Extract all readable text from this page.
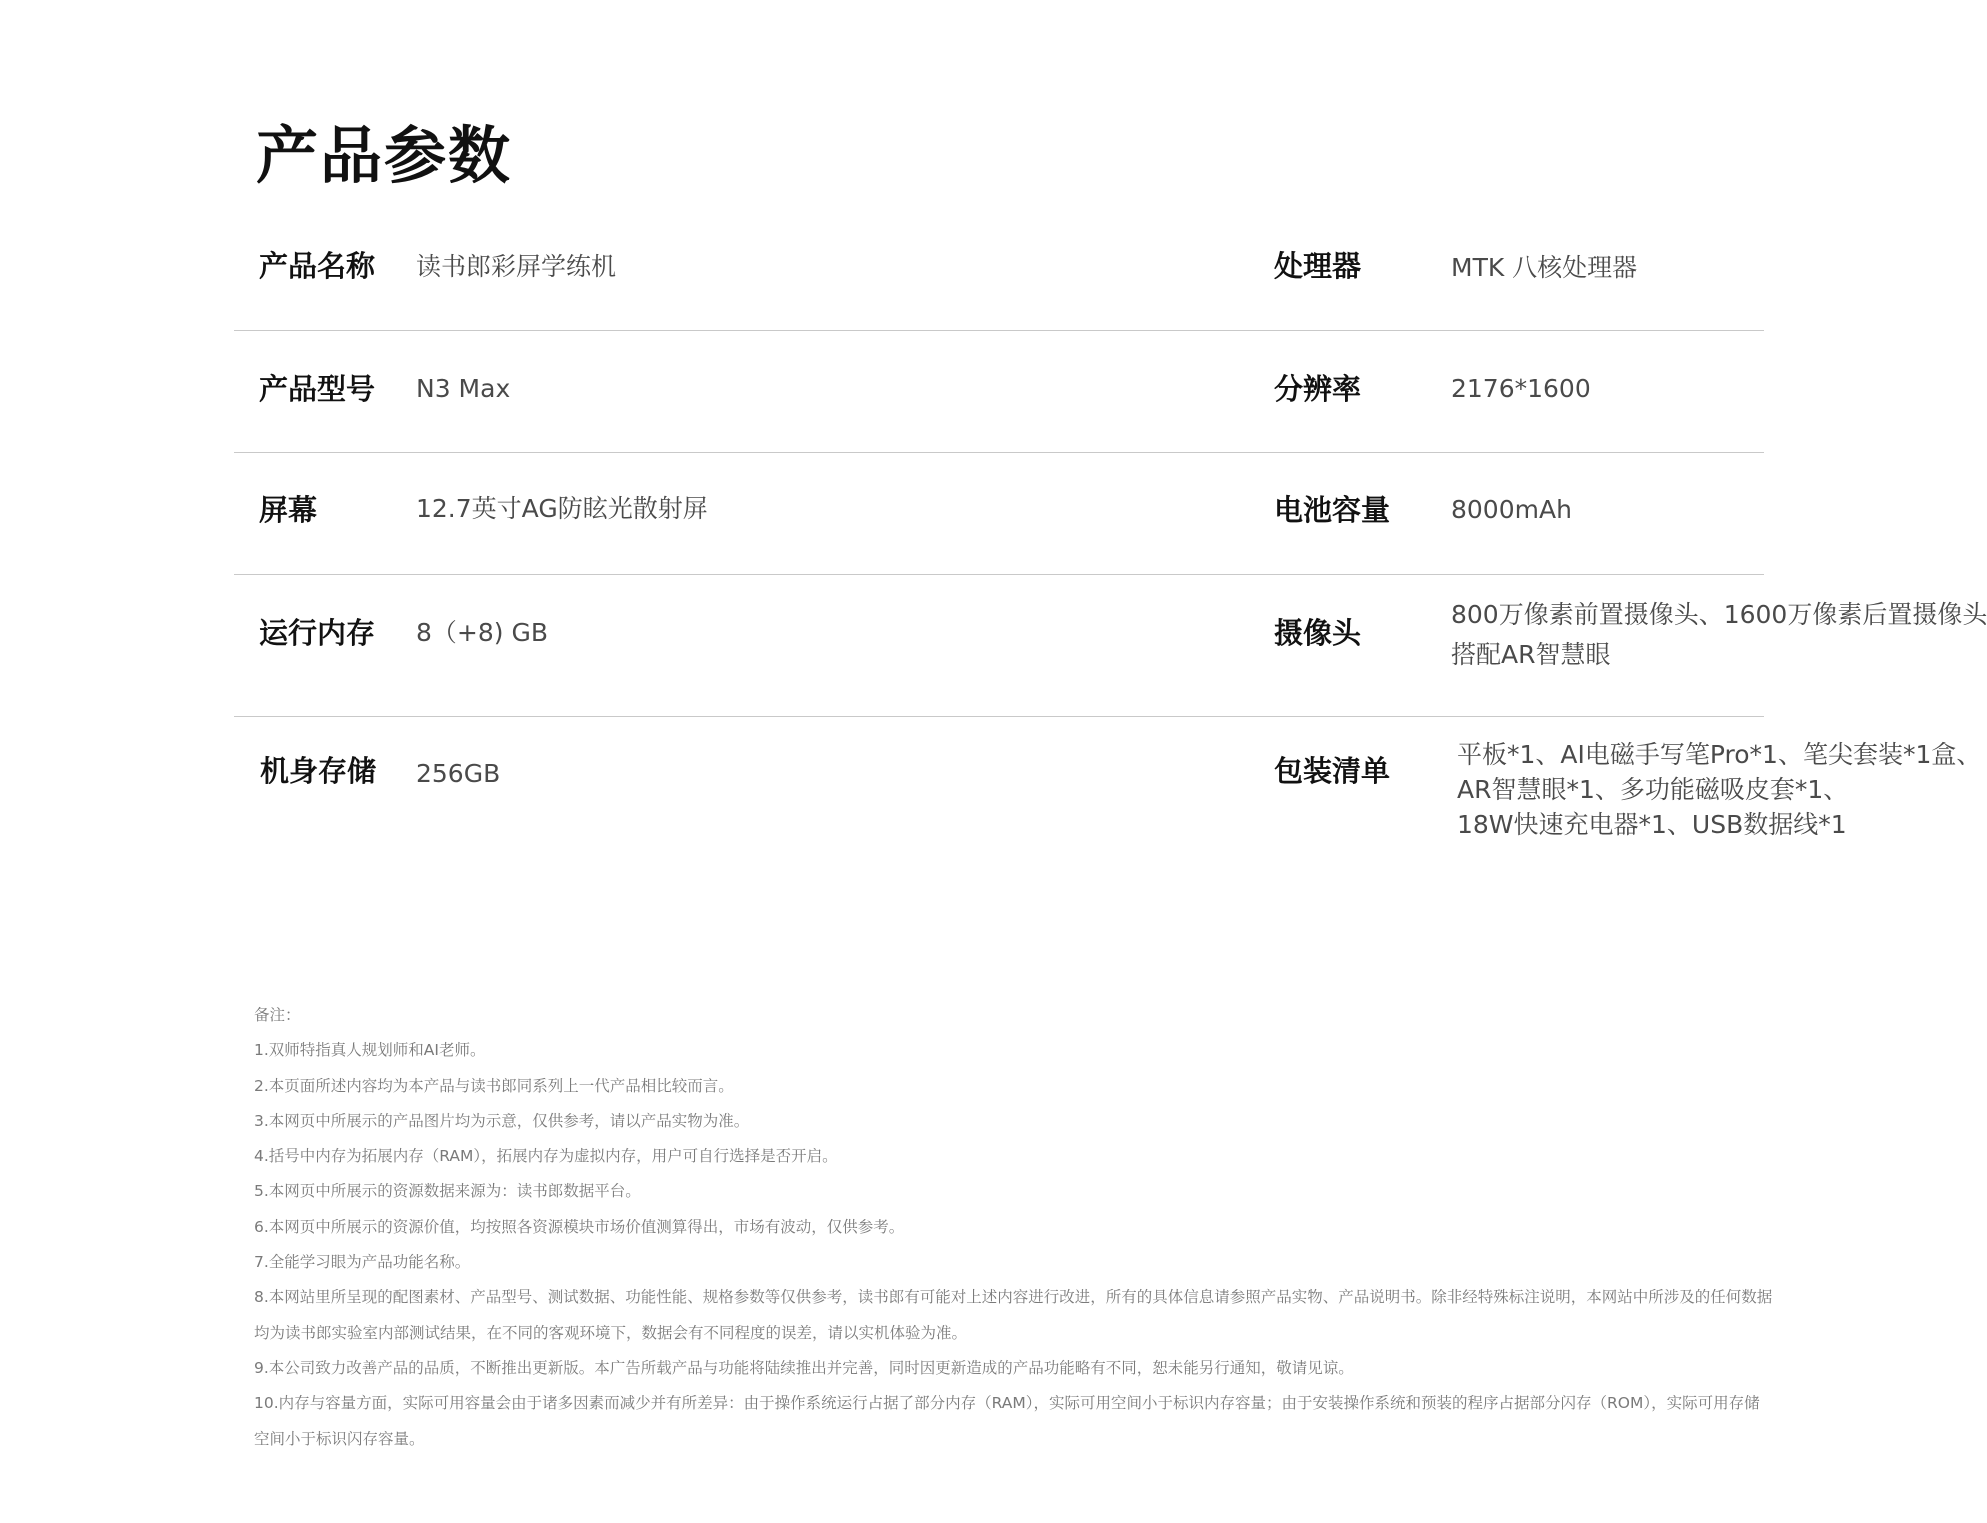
产品参数
产品名称 读书郎彩屏学练机	处理器	MTK 八核处理器
产品型号 N3 Max	分辨率	2176*1600
屏幕	12.7英寸AG防眩光散射屏	电池容量 8000mAh
运行内存 8（+8) GB	摄像头
800万像素前置摄像头、1600万像素后置摄像头
搭配AR智慧眼
机身存储 256GB	包装清单	平板*1、AI电磁手写笔Pro*1、笔尖套装*1盒、
AR智慧眼*1、多功能磁吸皮套*1、
18W快速充电器*1、USB数据线*1
备注：
1.双师特指真人规划师和AI老师。
2.本页面所述内容均为本产品与读书郎同系列上一代产品相比较而言。
3.本网页中所展示的产品图片均为示意，仅供参考，请以产品实物为准。
4.括号中内存为拓展内存（RAM），拓展内存为虚拟内存，用户可自行选择是否开启。
5.本网页中所展示的资源数据来源为：读书郎数据平台。
6.本网页中所展示的资源价值，均按照各资源模块市场价值测算得出，市场有波动，仅供参考。
7.全能学习眼为产品功能名称。
8.本网站里所呈现的配图素材、产品型号、测试数据、功能性能、规格参数等仅供参考，读书郎有可能对上述内容进行改进，所有的具体信息请参照产品实物、产品说明书。除非经特殊标注说明，本网站中所涉及的任何数据均为读书郎实验室内部测试结果，在不同的客观环境下，数据会有不同程度的误差，请以实机体验为准。
9.本公司致力改善产品的品质，不断推出更新版。本广告所载产品与功能将陆续推出并完善，同时因更新造成的产品功能略有不同，恕未能另行通知，敬请见谅。
10.内存与容量方面，实际可用容量会由于诸多因素而减少并有所差异：由于操作系统运行占据了部分内存（RAM），实际可用空间小于标识内存容量；由于安装操作系统和预装的程序占据部分闪存（ROM），实际可用存储空间小于标识闪存容量。
